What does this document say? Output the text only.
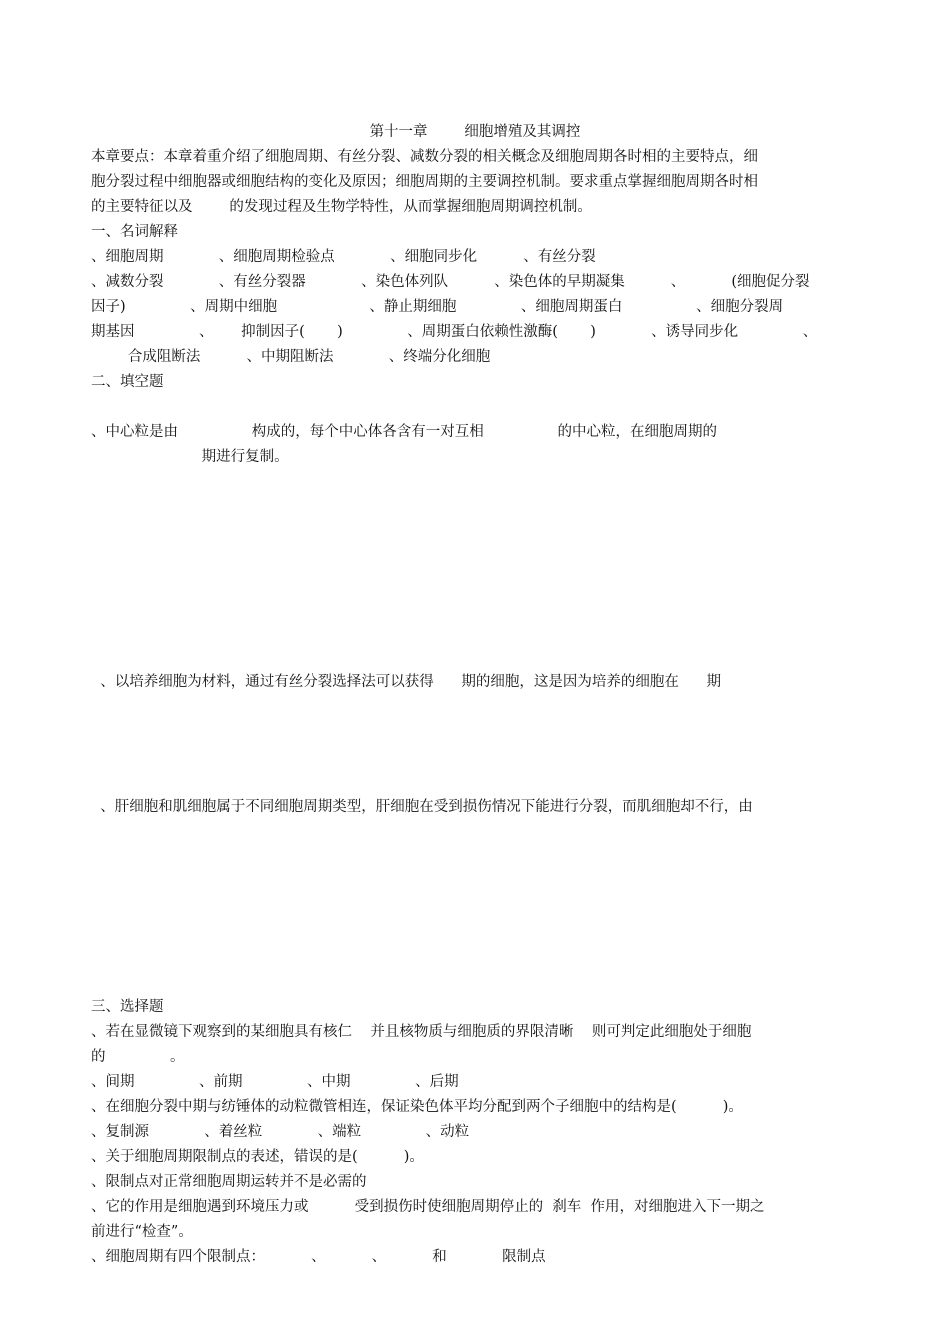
第十一章        细胞增殖及其调控
本章要点：本章着重介绍了细胞周期、有丝分裂、减数分裂的相关概念及细胞周期各时相的主要特点，细
胞分裂过程中细胞器或细胞结构的变化及原因；细胞周期的主要调控机制。要求重点掌握细胞周期各时相
的主要特征以及        的发现过程及生物学特性，从而掌握细胞周期调控机制。
一、名词解释
、细胞周期            、细胞周期检验点            、细胞同步化          、有丝分裂
、减数分裂            、有丝分裂器            、染色体列队          、染色体的早期凝集          、          (细胞促分裂
因子)              、周期中细胞                    、静止期细胞              、细胞周期蛋白                、细胞分裂周
期基因              、      抑制因子(       )              、周期蛋白依赖性激酶(       )            、诱导同步化              、
合成阻断法          、中期阻断法            、终端分化细胞
二、填空题

、中心粒是由                构成的，每个中心体各含有一对互相                的中心粒，在细胞周期的
期进行复制。

、以培养细胞为材料，通过有丝分裂选择法可以获得      期的细胞，这是因为培养的细胞在      期

、肝细胞和肌细胞属于不同细胞周期类型，肝细胞在受到损伤情况下能进行分裂，而肌细胞却不行，由

三、选择题
、若在显微镜下观察到的某细胞具有核仁    并且核物质与细胞质的界限清晰    则可判定此细胞处于细胞
的              。
、间期              、前期              、中期              、后期
、在细胞分裂中期与纺锤体的动粒微管相连，保证染色体平均分配到两个子细胞中的结构是(          )。
、复制源            、着丝粒            、端粒              、动粒
、关于细胞周期限制点的表述，错误的是(          )。
、限制点对正常细胞周期运转并不是必需的
、它的作用是细胞遇到环境压力或          受到损伤时使细胞周期停止的  刹车  作用，对细胞进入下一期之
前进行“检查”。
、细胞周期有四个限制点：          、          、          和            限制点
